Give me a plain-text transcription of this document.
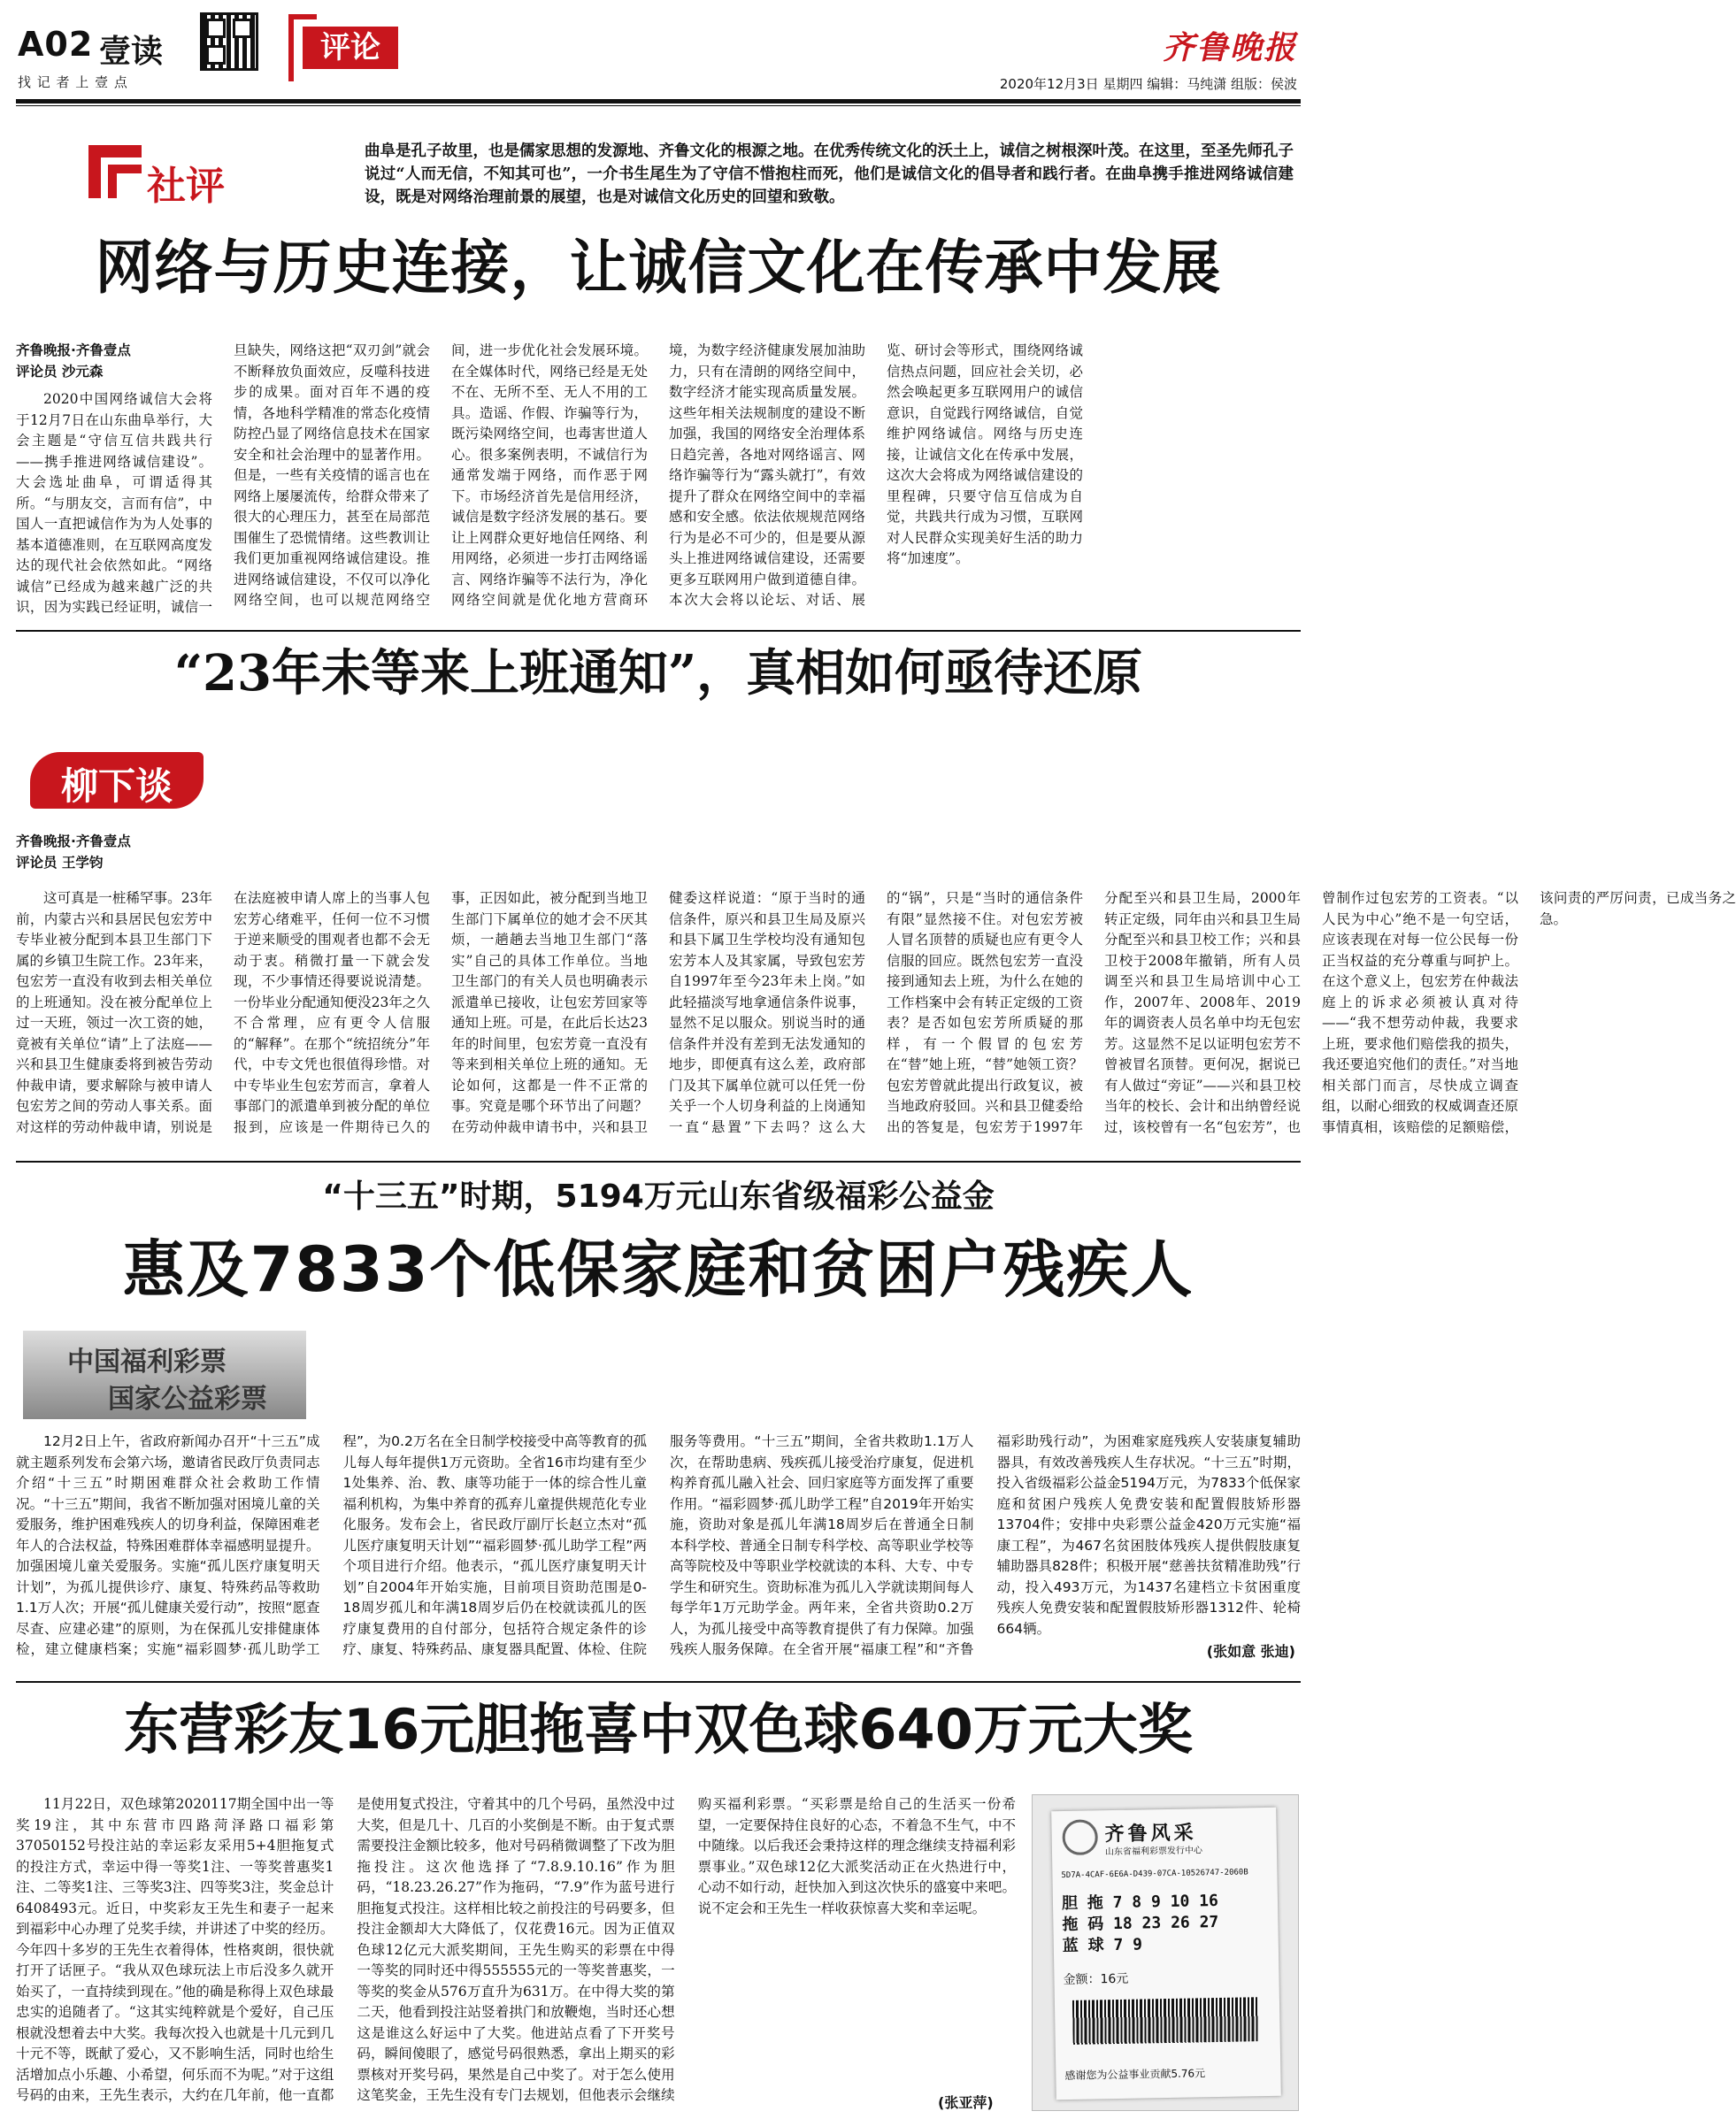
A02 壹读
找 记 者 上 壹 点
评论	齐鲁晚报
2020年12月3日 星期四 编辑：马纯潇 组版：侯波
社评
曲阜是孔子故里，也是儒家思想的发源地、齐鲁文化的根源之地。在优秀传统文化的沃土上，诚信之树根深叶茂。在这里，至圣先师孔子说过“人而无信，不知其可也”，一介书生尾生为了守信不惜抱柱而死，他们是诚信文化的倡导者和践行者。在曲阜携手推进网络诚信建设，既是对网络治理前景的展望，也是对诚信文化历史的回望和致敬。
网络与历史连接，让诚信文化在传承中发展

齐鲁晚报·齐鲁壹点

评论员 沙元森

2020中国网络诚信大会将于12月7日在山东曲阜举行，大会主题是“守信互信共践共行——携手推进网络诚信建设”。大会选址曲阜，可谓适得其所。“与朋友交，言而有信”，中国人一直把诚信作为为人处事的基本道德准则，在互联网高度发达的现代社会依然如此。“网络诚信”已经成为越来越广泛的共识，因为实践已经证明，诚信一旦缺失，网络这把“双刃剑”就会不断释放负面效应，反噬科技进步的成果。面对百年不遇的疫情，各地科学精准的常态化疫情防控凸显了网络信息技术在国家安全和社会治理中的显著作用。但是，一些有关疫情的谣言也在网络上屡屡流传，给群众带来了很大的心理压力，甚至在局部范围催生了恐慌情绪。这些教训让我们更加重视网络诚信建设。推进网络诚信建设，不仅可以净化网络空间，也可以规范网络空间，进一步优化社会发展环境。在全媒体时代，网络已经是无处不在、无所不至、无人不用的工具。造谣、作假、诈骗等行为，既污染网络空间，也毒害世道人心。很多案例表明，不诚信行为通常发端于网络，而作恶于网下。市场经济首先是信用经济，诚信是数字经济发展的基石。要让上网群众更好地信任网络、利用网络，必须进一步打击网络谣言、网络诈骗等不法行为，净化网络空间就是优化地方营商环境，为数字经济健康发展加油助力，只有在清朗的网络空间中，数字经济才能实现高质量发展。这些年相关法规制度的建设不断加强，我国的网络安全治理体系日趋完善，各地对网络谣言、网络诈骗等行为“露头就打”，有效提升了群众在网络空间中的幸福感和安全感。依法依规规范网络行为是必不可少的，但是要从源头上推进网络诚信建设，还需要更多互联网用户做到道德自律。本次大会将以论坛、对话、展览、研讨会等形式，围绕网络诚信热点问题，回应社会关切，必然会唤起更多互联网用户的诚信意识，自觉践行网络诚信，自觉维护网络诚信。网络与历史连接，让诚信文化在传承中发展，这次大会将成为网络诚信建设的里程碑，只要守信互信成为自觉，共践共行成为习惯，互联网对人民群众实现美好生活的助力将“加速度”。

“23年未等来上班通知”，真相如何亟待还原
柳下谈

齐鲁晚报·齐鲁壹点

评论员 王学钧

这可真是一桩稀罕事。23年前，内蒙古兴和县居民包宏芳中专毕业被分配到本县卫生部门下属的乡镇卫生院工作。23年来，包宏芳一直没有收到去相关单位的上班通知。没在被分配单位上过一天班，领过一次工资的她，竟被有关单位“请”上了法庭——兴和县卫生健康委将到被告劳动仲裁申请，要求解除与被申请人包宏芳之间的劳动人事关系。面对这样的劳动仲裁申请，别说是在法庭被申请人席上的当事人包宏芳心绪难平，任何一位不习惯于逆来顺受的围观者也都不会无动于衷。稍微打量一下就会发现，不少事情还得要说说清楚。一份毕业分配通知便没23年之久不合常理，应有更令人信服的“解释”。在那个“统招统分”年代，中专文凭也很值得珍惜。对中专毕业生包宏芳而言，拿着人事部门的派遣单到被分配的单位报到，应该是一件期待已久的事，正因如此，被分配到当地卫生部门下属单位的她才会不厌其烦，一趟趟去当地卫生部门“落实”自己的具体工作单位。当地卫生部门的有关人员也明确表示派遣单已接收，让包宏芳回家等通知上班。可是，在此后长达23年的时间里，包宏芳竟一直没有等来到相关单位上班的通知。无论如何，这都是一件不正常的事。究竟是哪个环节出了问题？在劳动仲裁申请书中，兴和县卫健委这样说道：“原于当时的通信条件，原兴和县卫生局及原兴和县下属卫生学校均没有通知包宏芳本人及其家属，导致包宏芳自1997年至今23年未上岗。”如此轻描淡写地拿通信条件说事，显然不足以服众。别说当时的通信条件并没有差到无法发通知的地步，即便真有这么差，政府部门及其下属单位就可以任凭一份关乎一个人切身利益的上岗通知一直“悬置”下去吗？这么大的“锅”，只是“当时的通信条件有限”显然接不住。对包宏芳被人冒名顶替的质疑也应有更令人信服的回应。既然包宏芳一直没接到通知去上班，为什么在她的工作档案中会有转正定级的工资表？是否如包宏芳所质疑的那样，有一个假冒的包宏芳在“替”她上班，“替”她领工资？包宏芳曾就此提出行政复议，被当地政府驳回。兴和县卫健委给出的答复是，包宏芳于1997年分配至兴和县卫生局，2000年转正定级，同年由兴和县卫生局分配至兴和县卫校工作；兴和县卫校于2008年撤销，所有人员调至兴和县卫生局培训中心工作，2007年、2008年、2019年的调资表人员名单中均无包宏芳。这显然不足以证明包宏芳不曾被冒名顶替。更何况，据说已有人做过“旁证”——兴和县卫校当年的校长、会计和出纳曾经说过，该校曾有一名“包宏芳”，也曾制作过包宏芳的工资表。“以人民为中心”绝不是一句空话，应该表现在对每一位公民每一份正当权益的充分尊重与呵护上。在这个意义上，包宏芳在仲裁法庭上的诉求必须被认真对待——“我不想劳动仲裁，我要求上班，要求他们赔偿我的损失，我还要追究他们的责任。”对当地相关部门而言，尽快成立调查组，以耐心细致的权威调查还原事情真相，该赔偿的足额赔偿，该问责的严厉问责，已成当务之急。

“十三五”时期，5194万元山东省级福彩公益金
惠及7833个低保家庭和贫困户残疾人
中国福利彩票
国家公益彩票

12月2日上午，省政府新闻办召开“十三五”成就主题系列发布会第六场，邀请省民政厅负责同志介绍“十三五”时期困难群众社会救助工作情况。“十三五”期间，我省不断加强对困境儿童的关爱服务，维护困难残疾人的切身利益，保障困难老年人的合法权益，特殊困难群体幸福感明显提升。加强困境儿童关爱服务。实施“孤儿医疗康复明天计划”，为孤儿提供诊疗、康复、特殊药品等救助1.1万人次；开展“孤儿健康关爱行动”，按照“愿查尽查、应建必建”的原则，为在保孤儿安排健康体检，建立健康档案；实施“福彩圆梦·孤儿助学工程”，为0.2万名在全日制学校接受中高等教育的孤儿每人每年提供1万元资助。全省16市均建有至少1处集养、治、教、康等功能于一体的综合性儿童福利机构，为集中养育的孤弃儿童提供规范化专业化服务。发布会上，省民政厅副厅长赵立杰对“孤儿医疗康复明天计划”“福彩圆梦·孤儿助学工程”两个项目进行介绍。他表示，“孤儿医疗康复明天计划”自2004年开始实施，目前项目资助范围是0-18周岁孤儿和年满18周岁后仍在校就读孤儿的医疗康复费用的自付部分，包括符合规定条件的诊疗、康复、特殊药品、康复器具配置、体检、住院服务等费用。“十三五”期间，全省共救助1.1万人次，在帮助患病、残疾孤儿接受治疗康复，促进机构养育孤儿融入社会、回归家庭等方面发挥了重要作用。“福彩圆梦·孤儿助学工程”自2019年开始实施，资助对象是孤儿年满18周岁后在普通全日制本科学校、普通全日制专科学校、高等职业学校等高等院校及中等职业学校就读的本科、大专、中专学生和研究生。资助标准为孤儿入学就读期间每人每学年1万元助学金。两年来，全省共资助0.2万人，为孤儿接受中高等教育提供了有力保障。加强残疾人服务保障。在全省开展“福康工程”和“齐鲁福彩助残行动”，为困难家庭残疾人安装康复辅助器具，有效改善残疾人生存状况。“十三五”时期，投入省级福彩公益金5194万元，为7833个低保家庭和贫困户残疾人免费安装和配置假肢矫形器13704件；安排中央彩票公益金420万元实施“福康工程”，为467名贫困肢体残疾人提供假肢康复辅助器具828件；积极开展“慈善扶贫精准助残”行动，投入493万元，为1437名建档立卡贫困重度残疾人免费安装和配置假肢矫形器1312件、轮椅664辆。

(张如意 张迪)
东营彩友16元胆拖喜中双色球640万元大奖

11月22日，双色球第2020117期全国中出一等奖19注，其中东营市四路菏泽路口福彩第37050152号投注站的幸运彩友采用5+4胆拖复式的投注方式，幸运中得一等奖1注、一等奖普惠奖1注、二等奖1注、三等奖3注、四等奖3注，奖金总计6408493元。近日，中奖彩友王先生和妻子一起来到福彩中心办理了兑奖手续，并讲述了中奖的经历。今年四十多岁的王先生衣着得体，性格爽朗，很快就打开了话匣子。“我从双色球玩法上市后没多久就开始买了，一直持续到现在。”他的确是称得上双色球最忠实的追随者了。“这其实纯粹就是个爱好，自己压根就没想着去中大奖。我每次投入也就是十几元到几十元不等，既献了爱心，又不影响生活，同时也给生活增加点小乐趣、小希望，何乐而不为呢。”对于这组号码的由来，王先生表示，大约在几年前，他一直都是使用复式投注，守着其中的几个号码，虽然没中过大奖，但是几十、几百的小奖倒是不断。由于复式票需要投注金额比较多，他对号码稍微调整了下改为胆拖投注。这次他选择了“7.8.9.10.16”作为胆码，“18.23.26.27”作为拖码，“7.9”作为蓝号进行胆拖复式投注。这样相比较之前投注的号码要多，但投注金额却大大降低了，仅花费16元。因为正值双色球12亿元大派奖期间，王先生购买的彩票在中得一等奖的同时还中得555555元的一等奖普惠奖，一等奖的奖金从576万直升为631万。在中得大奖的第二天，他看到投注站竖着拱门和放鞭炮，当时还心想这是谁这么好运中了大奖。他进站点看了下开奖号码，瞬间傻眼了，感觉号码很熟悉，拿出上期买的彩票核对开奖号码，果然是自己中奖了。对于怎么使用这笔奖金，王先生没有专门去规划，但他表示会继续购买福利彩票。“买彩票是给自己的生活买一份希望，一定要保持住良好的心态，不着急不生气，中不中随缘。以后我还会秉持这样的理念继续支持福利彩票事业。”双色球12亿大派奖活动正在火热进行中，心动不如行动，赶快加入到这次快乐的盛宴中来吧。说不定会和王先生一样收获惊喜大奖和幸运呢。

(张亚萍)
齐鲁风采
山东省福利彩票发行中心
5D7A-4CAF-6E6A-D439-07CA-10526747-2060B
胆 拖 7 8 9 10 16
拖 码 18 23 26 27
蓝 球 7 9
金额：16元
感谢您为公益事业贡献5.76元
